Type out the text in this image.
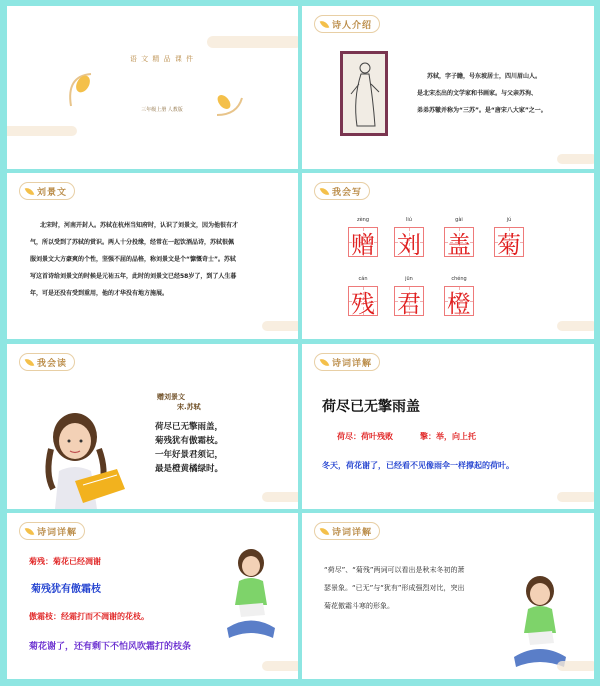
语 文 精 品 课 件
三年级上册 人教版
诗人介绍
苏轼，字子瞻，号东坡居士，四川眉山人。
是北宋杰出的文学家和书画家。与父亲苏洵、
弟弟苏辙并称为“三苏”。是“唐宋八大家”之一。
刘景文
北宋时，河南开封人。苏轼在杭州当知府时，认识了刘景文，因为他很有才
气，所以受到了苏轼的赏识。两人十分投缘，经常在一起饮酒品诗，苏轼很佩
服刘景文大方豪爽的个性，坚强不屈的品格，称刘景文是个“慷慨奇士”。苏轼
写这首诗给刘景文的时候是元祐五年，此时的刘景文已经58岁了，到了人生暮
年，可是还没有受到重用，他的才华没有地方施展。
我会写
zèng	liú	gài	jú
赠 刘 盖 菊
cán	jūn	chéng
残 君 橙
我会读
赠刘景文
宋.苏轼
荷尽已无擎雨盖，
菊残犹有傲霜枝。
一年好景君须记，
最是橙黄橘绿时。
诗词详解
荷尽已无擎雨盖
荷尽：荷叶残败	擎：举，向上托
冬天，荷花谢了，已经看不见像雨伞一样撑起的荷叶。
诗词详解
菊残：菊花已经凋谢
菊残犹有傲霜枝
傲霜枝：经霜打而不凋谢的花枝。
菊花谢了，还有剩下不怕风吹霜打的枝条
诗词详解
“荷尽”、“菊残”两词可以看出是秋末冬初的萧
瑟景象。“已无”与“犹有”形成强烈对比，突出
菊花傲霜斗寒的形象。
